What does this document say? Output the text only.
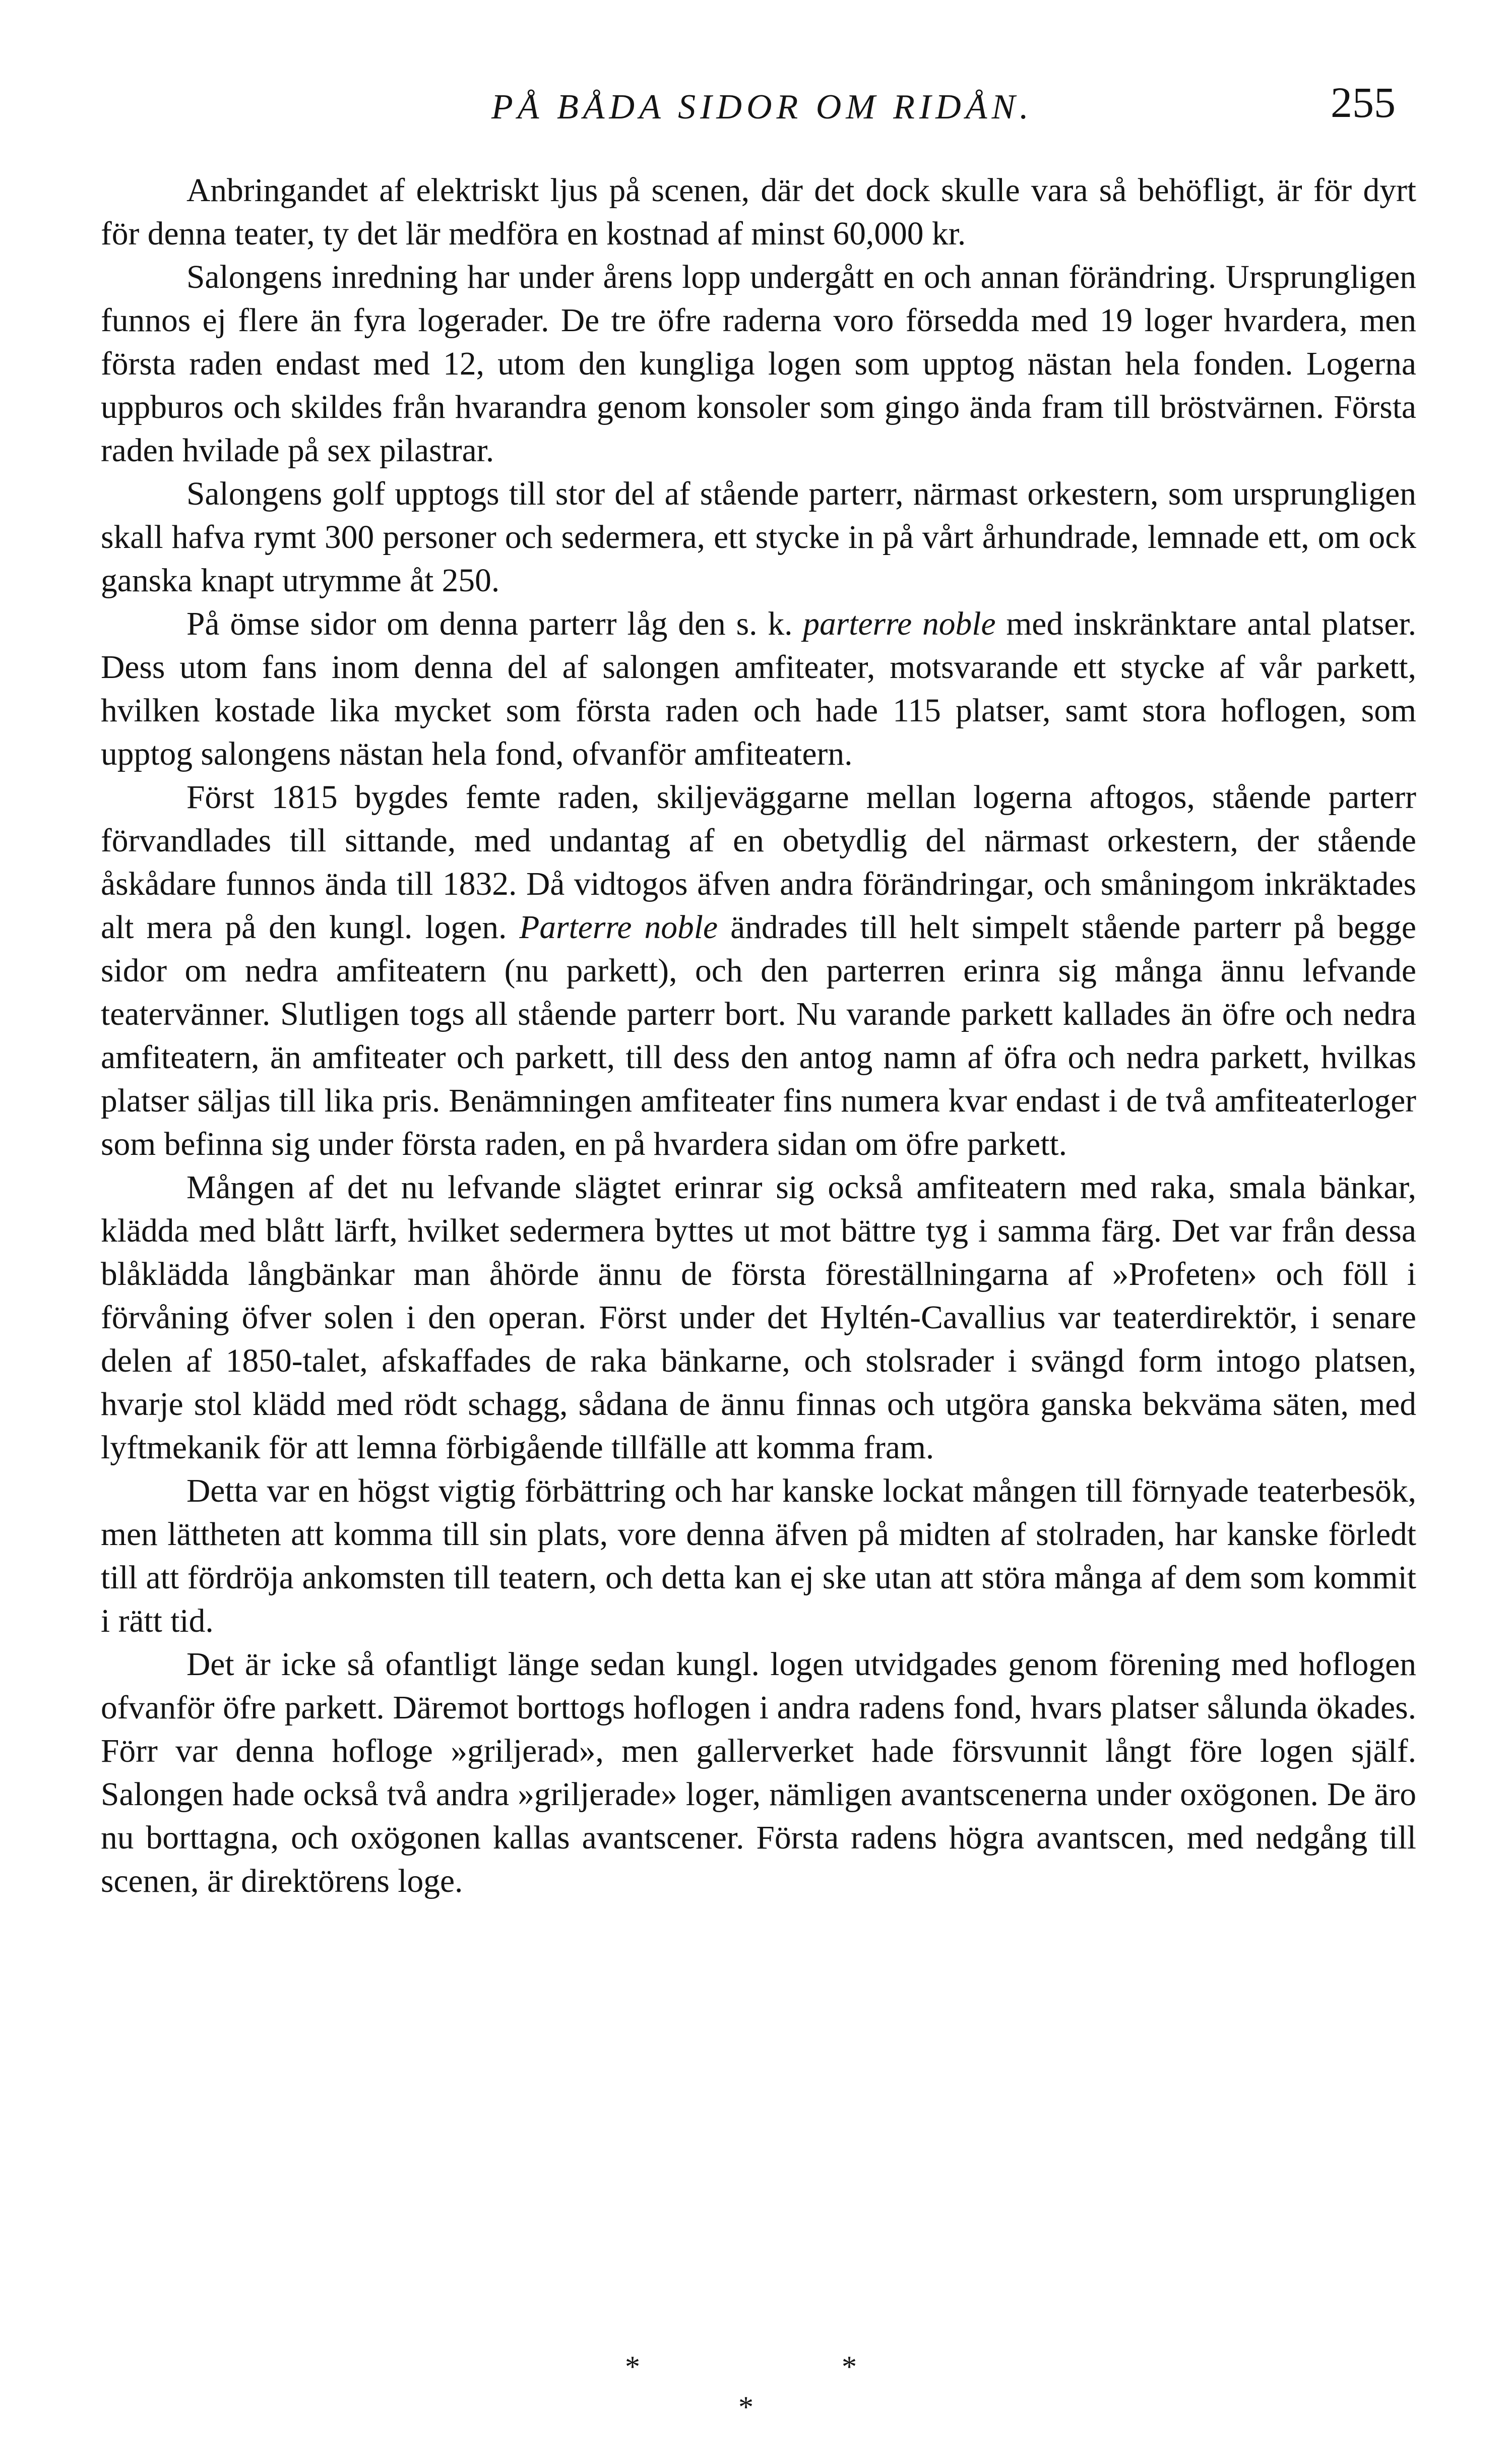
PÅ BÅDA SIDOR OM RIDÅN.	255

Anbringandet af elektriskt ljus på scenen, där det dock skulle vara så behöfligt, är för dyrt för denna teater, ty det lär medföra en kostnad af minst 60,000 kr.

Salongens inredning har under årens lopp undergått en och annan förändring. Ursprungligen funnos ej flere än fyra logerader. De tre öfre raderna voro försedda med 19 loger hvardera, men första raden endast med 12, utom den kungliga logen som upptog nästan hela fonden. Logerna uppburos och skildes från hvarandra genom konsoler som gingo ända fram till bröstvärnen. Första raden hvilade på sex pilastrar.

Salongens golf upptogs till stor del af stående parterr, närmast orkestern, som ursprungligen skall hafva rymt 300 personer och sedermera, ett stycke in på vårt århundrade, lemnade ett, om ock ganska knapt utrymme åt 250.

På ömse sidor om denna parterr låg den s. k. parterre noble med inskränktare antal platser. Dess utom fans inom denna del af salongen amfiteater, motsvarande ett stycke af vår parkett, hvilken kostade lika mycket som första raden och hade 115 platser, samt stora hoflogen, som upptog salongens nästan hela fond, ofvanför amfiteatern.

Först 1815 bygdes femte raden, skiljeväggarne mellan logerna aftogos, stående parterr förvandlades till sittande, med undantag af en obetydlig del närmast orkestern, der stående åskådare funnos ända till 1832. Då vidtogos äfven andra förändringar, och småningom inkräktades alt mera på den kungl. logen. Parterre noble ändrades till helt simpelt stående parterr på begge sidor om nedra amfiteatern (nu parkett), och den parterren erinra sig många ännu lefvande teatervänner. Slutligen togs all stående parterr bort. Nu varande parkett kallades än öfre och nedra amfiteatern, än amfiteater och parkett, till dess den antog namn af öfra och nedra parkett, hvilkas platser säljas till lika pris. Benämningen amfiteater fins numera kvar endast i de två amfiteaterloger som befinna sig under första raden, en på hvardera sidan om öfre parkett.

Mången af det nu lefvande slägtet erinrar sig också amfiteatern med raka, smala bänkar, klädda med blått lärft, hvilket sedermera byttes ut mot bättre tyg i samma färg. Det var från dessa blåklädda långbänkar man åhörde ännu de första föreställningarna af »Profeten» och föll i förvåning öfver solen i den operan. Först under det Hyltén-Cavallius var teaterdirektör, i senare delen af 1850-talet, afskaffades de raka bänkarne, och stolsrader i svängd form intogo platsen, hvarje stol klädd med rödt schagg, sådana de ännu finnas och utgöra ganska bekväma säten, med lyftmekanik för att lemna förbigående tillfälle att komma fram.

Detta var en högst vigtig förbättring och har kanske lockat mången till förnyade teaterbesök, men lättheten att komma till sin plats, vore denna äfven på midten af stolraden, har kanske förledt till att fördröja ankomsten till teatern, och detta kan ej ske utan att störa många af dem som kommit i rätt tid.

Det är icke så ofantligt länge sedan kungl. logen utvidgades genom förening med hoflogen ofvanför öfre parkett. Däremot borttogs hoflogen i andra radens fond, hvars platser sålunda ökades. Förr var denna hofloge »griljerad», men gallerverket hade försvunnit långt före logen själf. Salongen hade också två andra »griljerade» loger, nämligen avantscenerna under oxögonen. De äro nu borttagna, och oxögonen kallas avantscener. Första radens högra avantscen, med nedgång till scenen, är direktörens loge.

*	*
*
